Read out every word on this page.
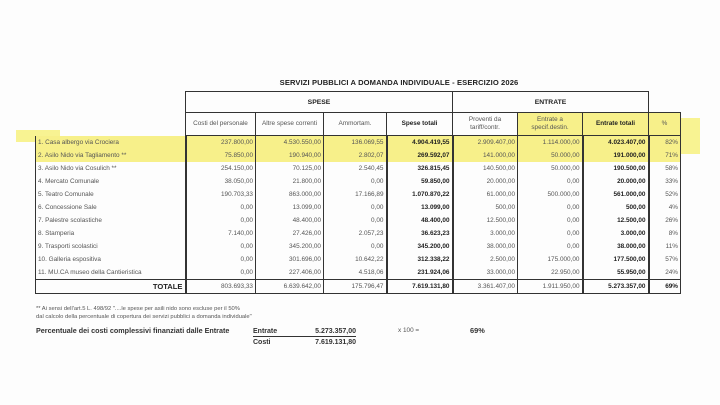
SERVIZI PUBBLICI A DOMANDA INDIVIDUALE - ESERCIZIO 2026
	SPESE				ENTRATE			
	Costi del personale	Altre spese correnti	Ammortam.	Spese totali	Proventi da tariff/contr.	Entrate a specif.destin.	Entrate totali	%
1. Casa albergo via Crociera	237.800,00	4.530.550,00	136.069,55	4.904.419,55	2.909.407,00	1.114.000,00	4.023.407,00	82%
2. Asilo Nido via Tagliamento **	75.850,00	190.940,00	2.802,07	269.592,07	141.000,00	50.000,00	191.000,00	71%
3. Asilo Nido via Cosulich **	254.150,00	70.125,00	2.540,45	326.815,45	140.500,00	50.000,00	190.500,00	58%
4. Mercato Comunale	38.050,00	21.800,00	0,00	59.850,00	20.000,00	0,00	20.000,00	33%
5. Teatro Comunale	190.703,33	863.000,00	17.166,89	1.070.870,22	61.000,00	500.000,00	561.000,00	52%
6. Concessione Sale	0,00	13.099,00	0,00	13.099,00	500,00	0,00	500,00	4%
7. Palestre scolastiche	0,00	48.400,00	0,00	48.400,00	12.500,00	0,00	12.500,00	26%
8. Stamperia	7.140,00	27.426,00	2.057,23	36.623,23	3.000,00	0,00	3.000,00	8%
9. Trasporti scolastici	0,00	345.200,00	0,00	345.200,00	38.000,00	0,00	38.000,00	11%
10. Galleria espositiva	0,00	301.696,00	10.642,22	312.338,22	2.500,00	175.000,00	177.500,00	57%
11. MU.CA museo della Cantieristica	0,00	227.406,00	4.518,06	231.924,06	33.000,00	22.950,00	55.950,00	24%
TOTALE	803.693,33	6.639.642,00	175.796,47	7.619.131,80	3.361.407,00	1.911.950,00	5.273.357,00	69%
** Ai sensi dell'art.5 L. 498/92 "....le spese per asili nido sono escluse per il 50%
dal calcolo della percentuale di copertura dei servizi pubblici a domanda individuale"
Percentuale dei costi complessivi finanziati dalle Entrate	Entrate	5.273.357,00
Costi	7.619.131,80
x 100 =	69%
